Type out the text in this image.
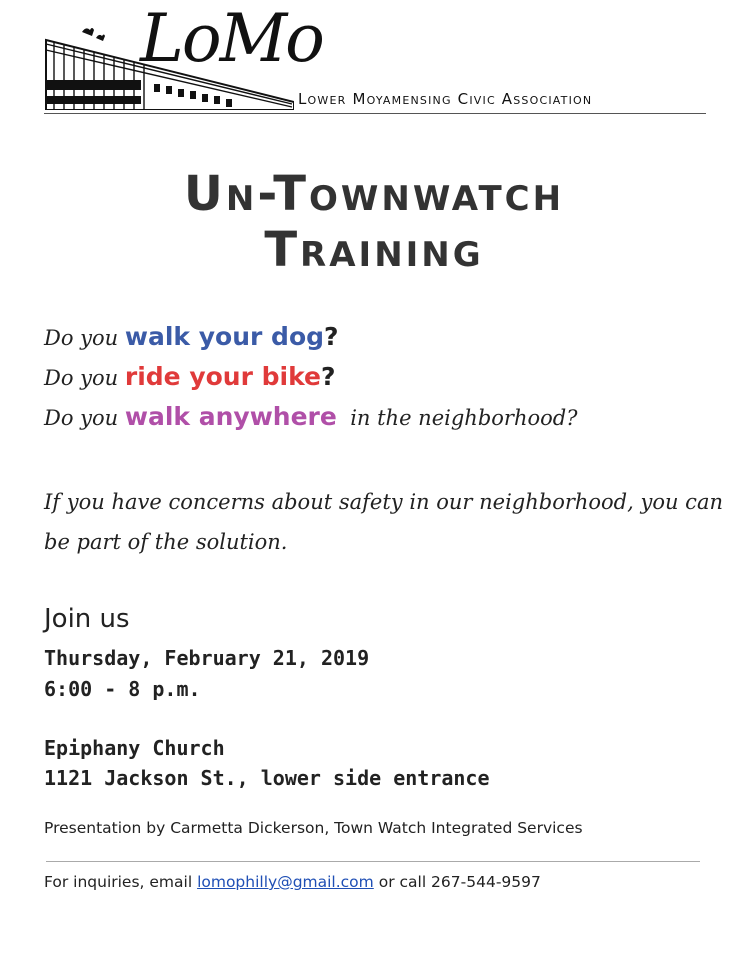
LoMo
Lower Moyamensing Civic Association
Un-Townwatch
Training
Do you walk your dog?
Do you ride your bike?
Do you walk anywhere  in the neighborhood?
If you have concerns about safety in our neighborhood, you can be part of the solution.
Join us
Thursday, February 21, 2019
6:00 - 8 p.m.
Epiphany Church
1121 Jackson St., lower side entrance
Presentation by Carmetta Dickerson, Town Watch Integrated Services
For inquiries, email lomophilly@gmail.com or call 267-544-9597
